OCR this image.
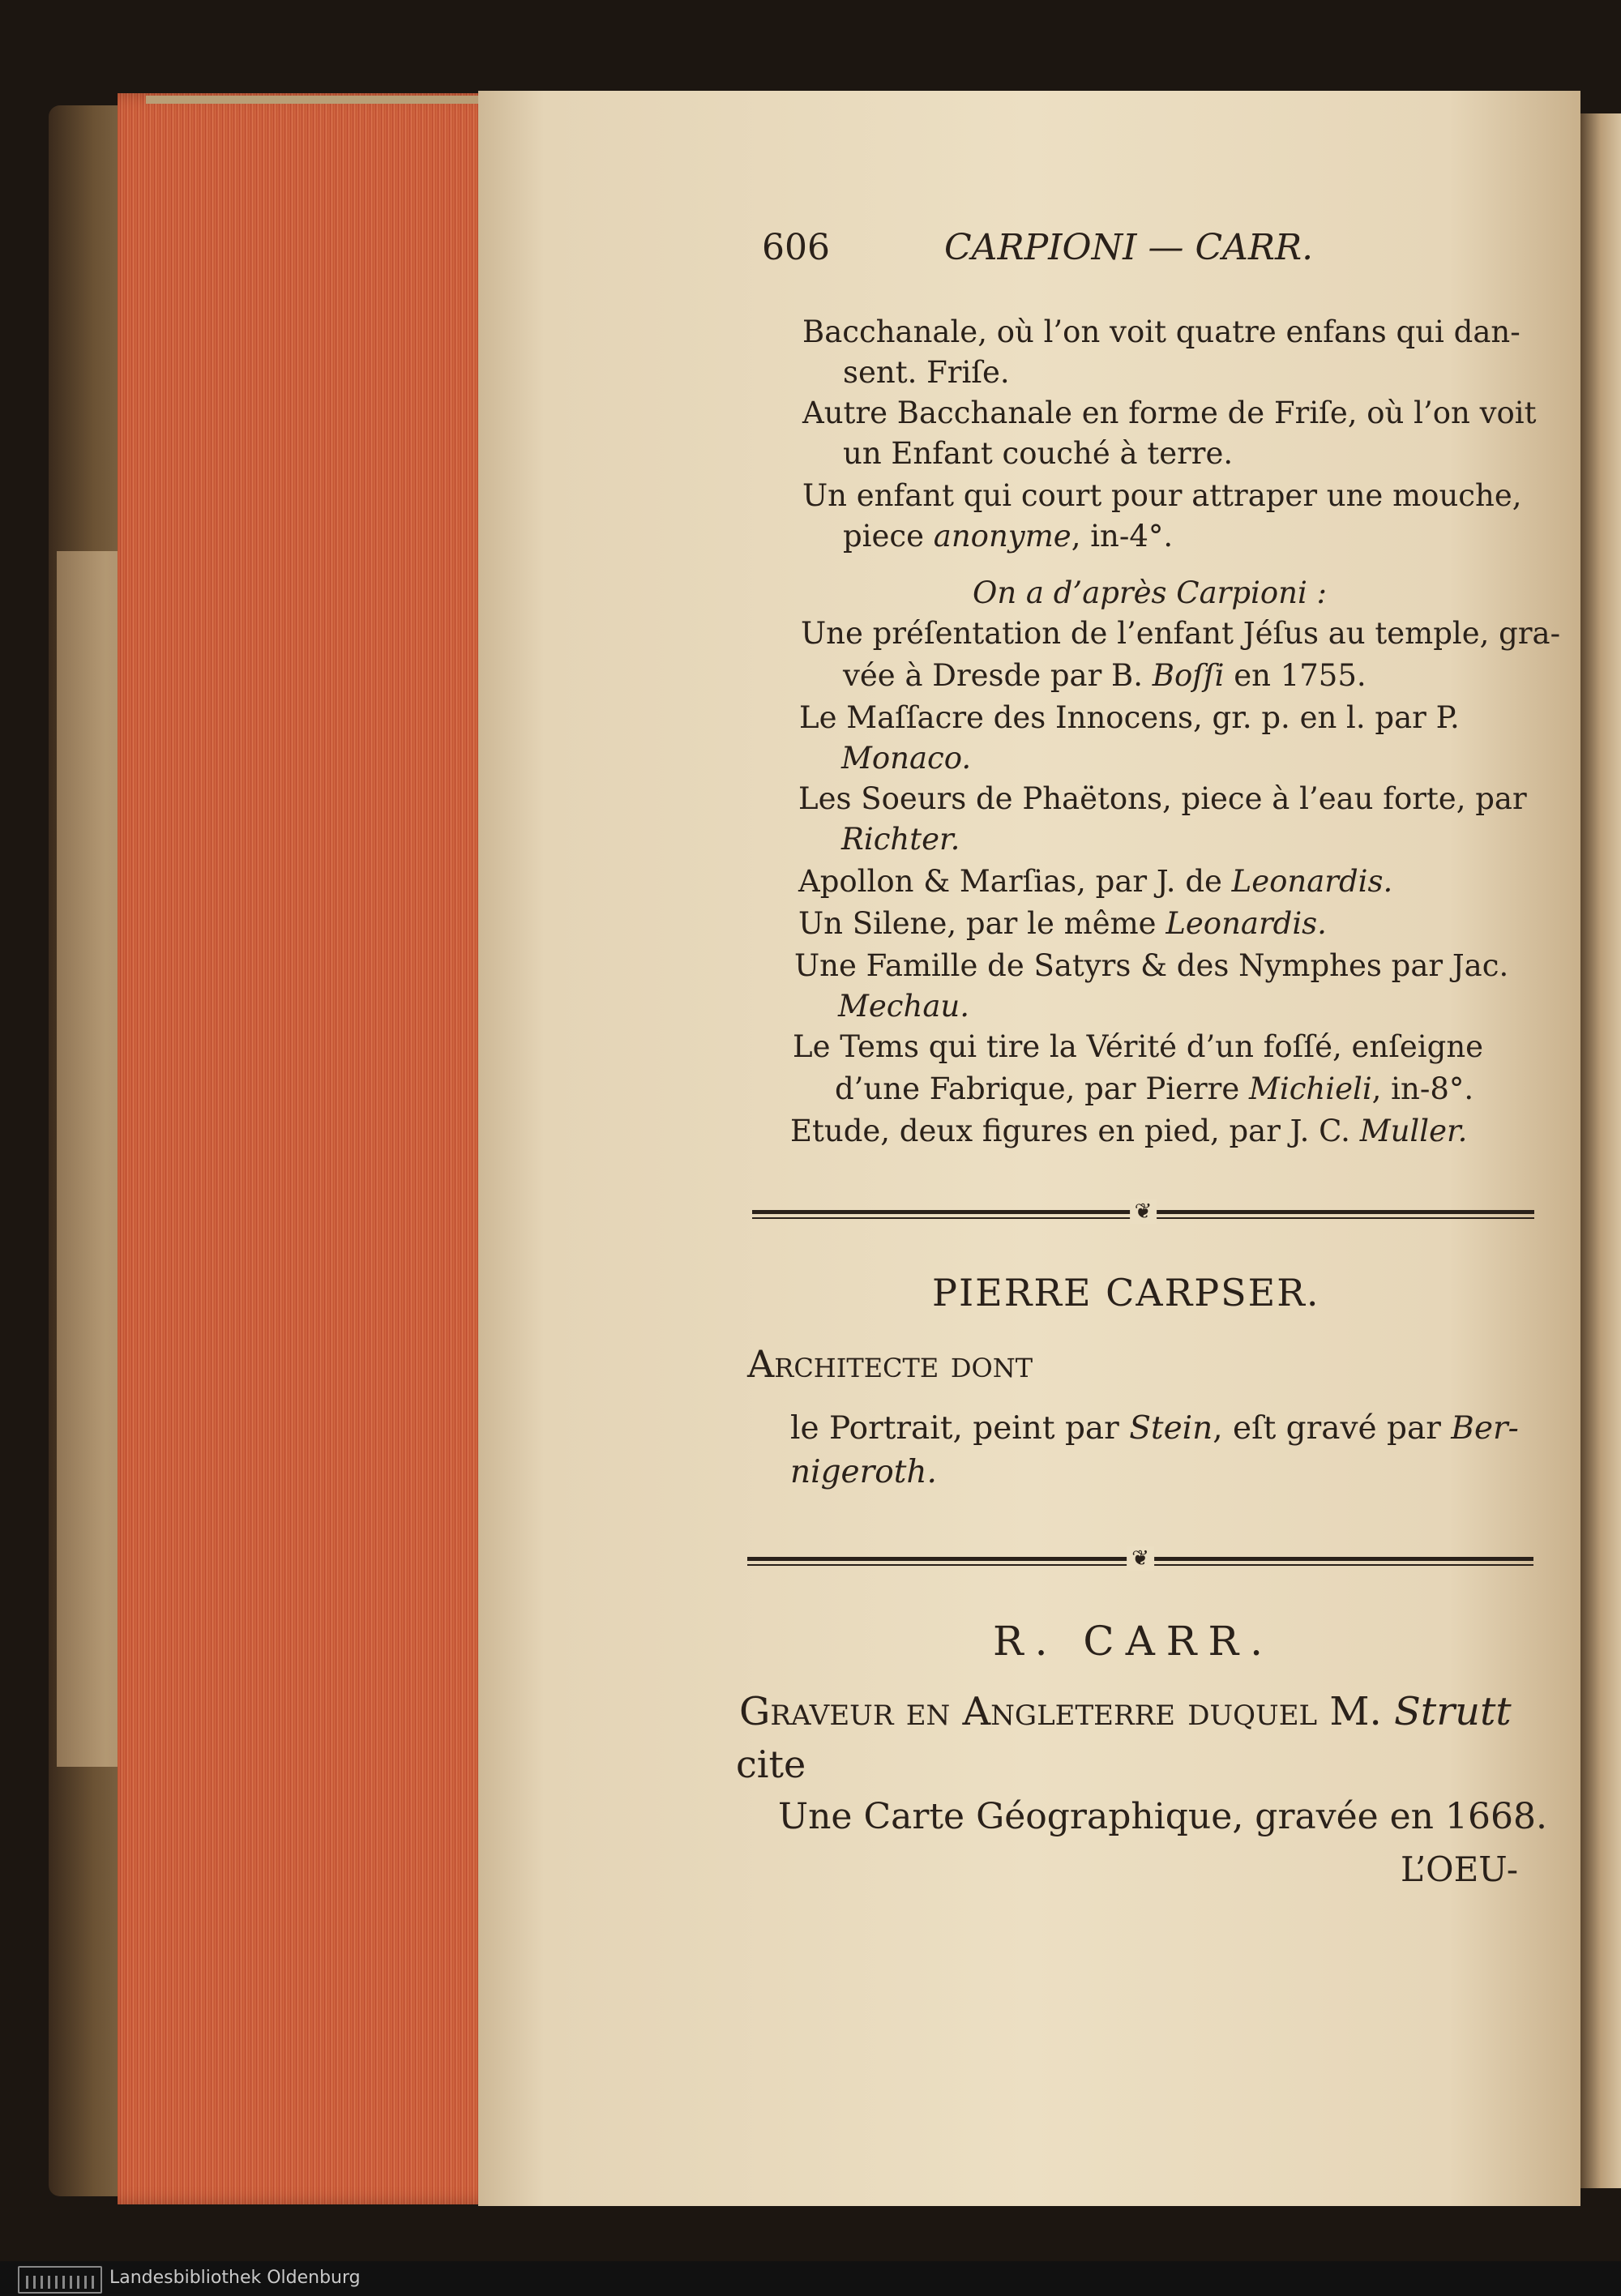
606	CARPIONI — CARR.
Bacchanale, où l’on voit quatre enfans qui dan-
sent. Friſe.
Autre Bacchanale en forme de Friſe, où l’on voit
un Enfant couché à terre.
Un enfant qui court pour attraper une mouche,
piece anonyme, in-4°.
On a d’après Carpioni :
Une préſentation de l’enfant Jéſus au temple, gra-
vée à Dresde par B. Boſſi en 1755.
Le Maſſacre des Innocens, gr. p. en l. par P.
Monaco.
Les Soeurs de Phaëtons, piece à l’eau forte, par
Richter.
Apollon & Marſias, par J. de Leonardis.
Un Silene, par le même Leonardis.
Une Famille de Satyrs & des Nymphes par Jac.
Mechau.
Le Tems qui tire la Vérité d’un foſſé, enſeigne
d’une Fabrique, par Pierre Michieli, in-8°.
Etude, deux figures en pied, par J. C. Muller.
❦
PIERRE CARPSER.
Architecte dont
le Portrait, peint par Stein, eſt gravé par Ber-
nigeroth.
❦
R. CARR.
Graveur en Angleterre duquel M. Strutt
cite
Une Carte Géographique, gravée en 1668.
L’OEU-
Landesbibliothek Oldenburg
